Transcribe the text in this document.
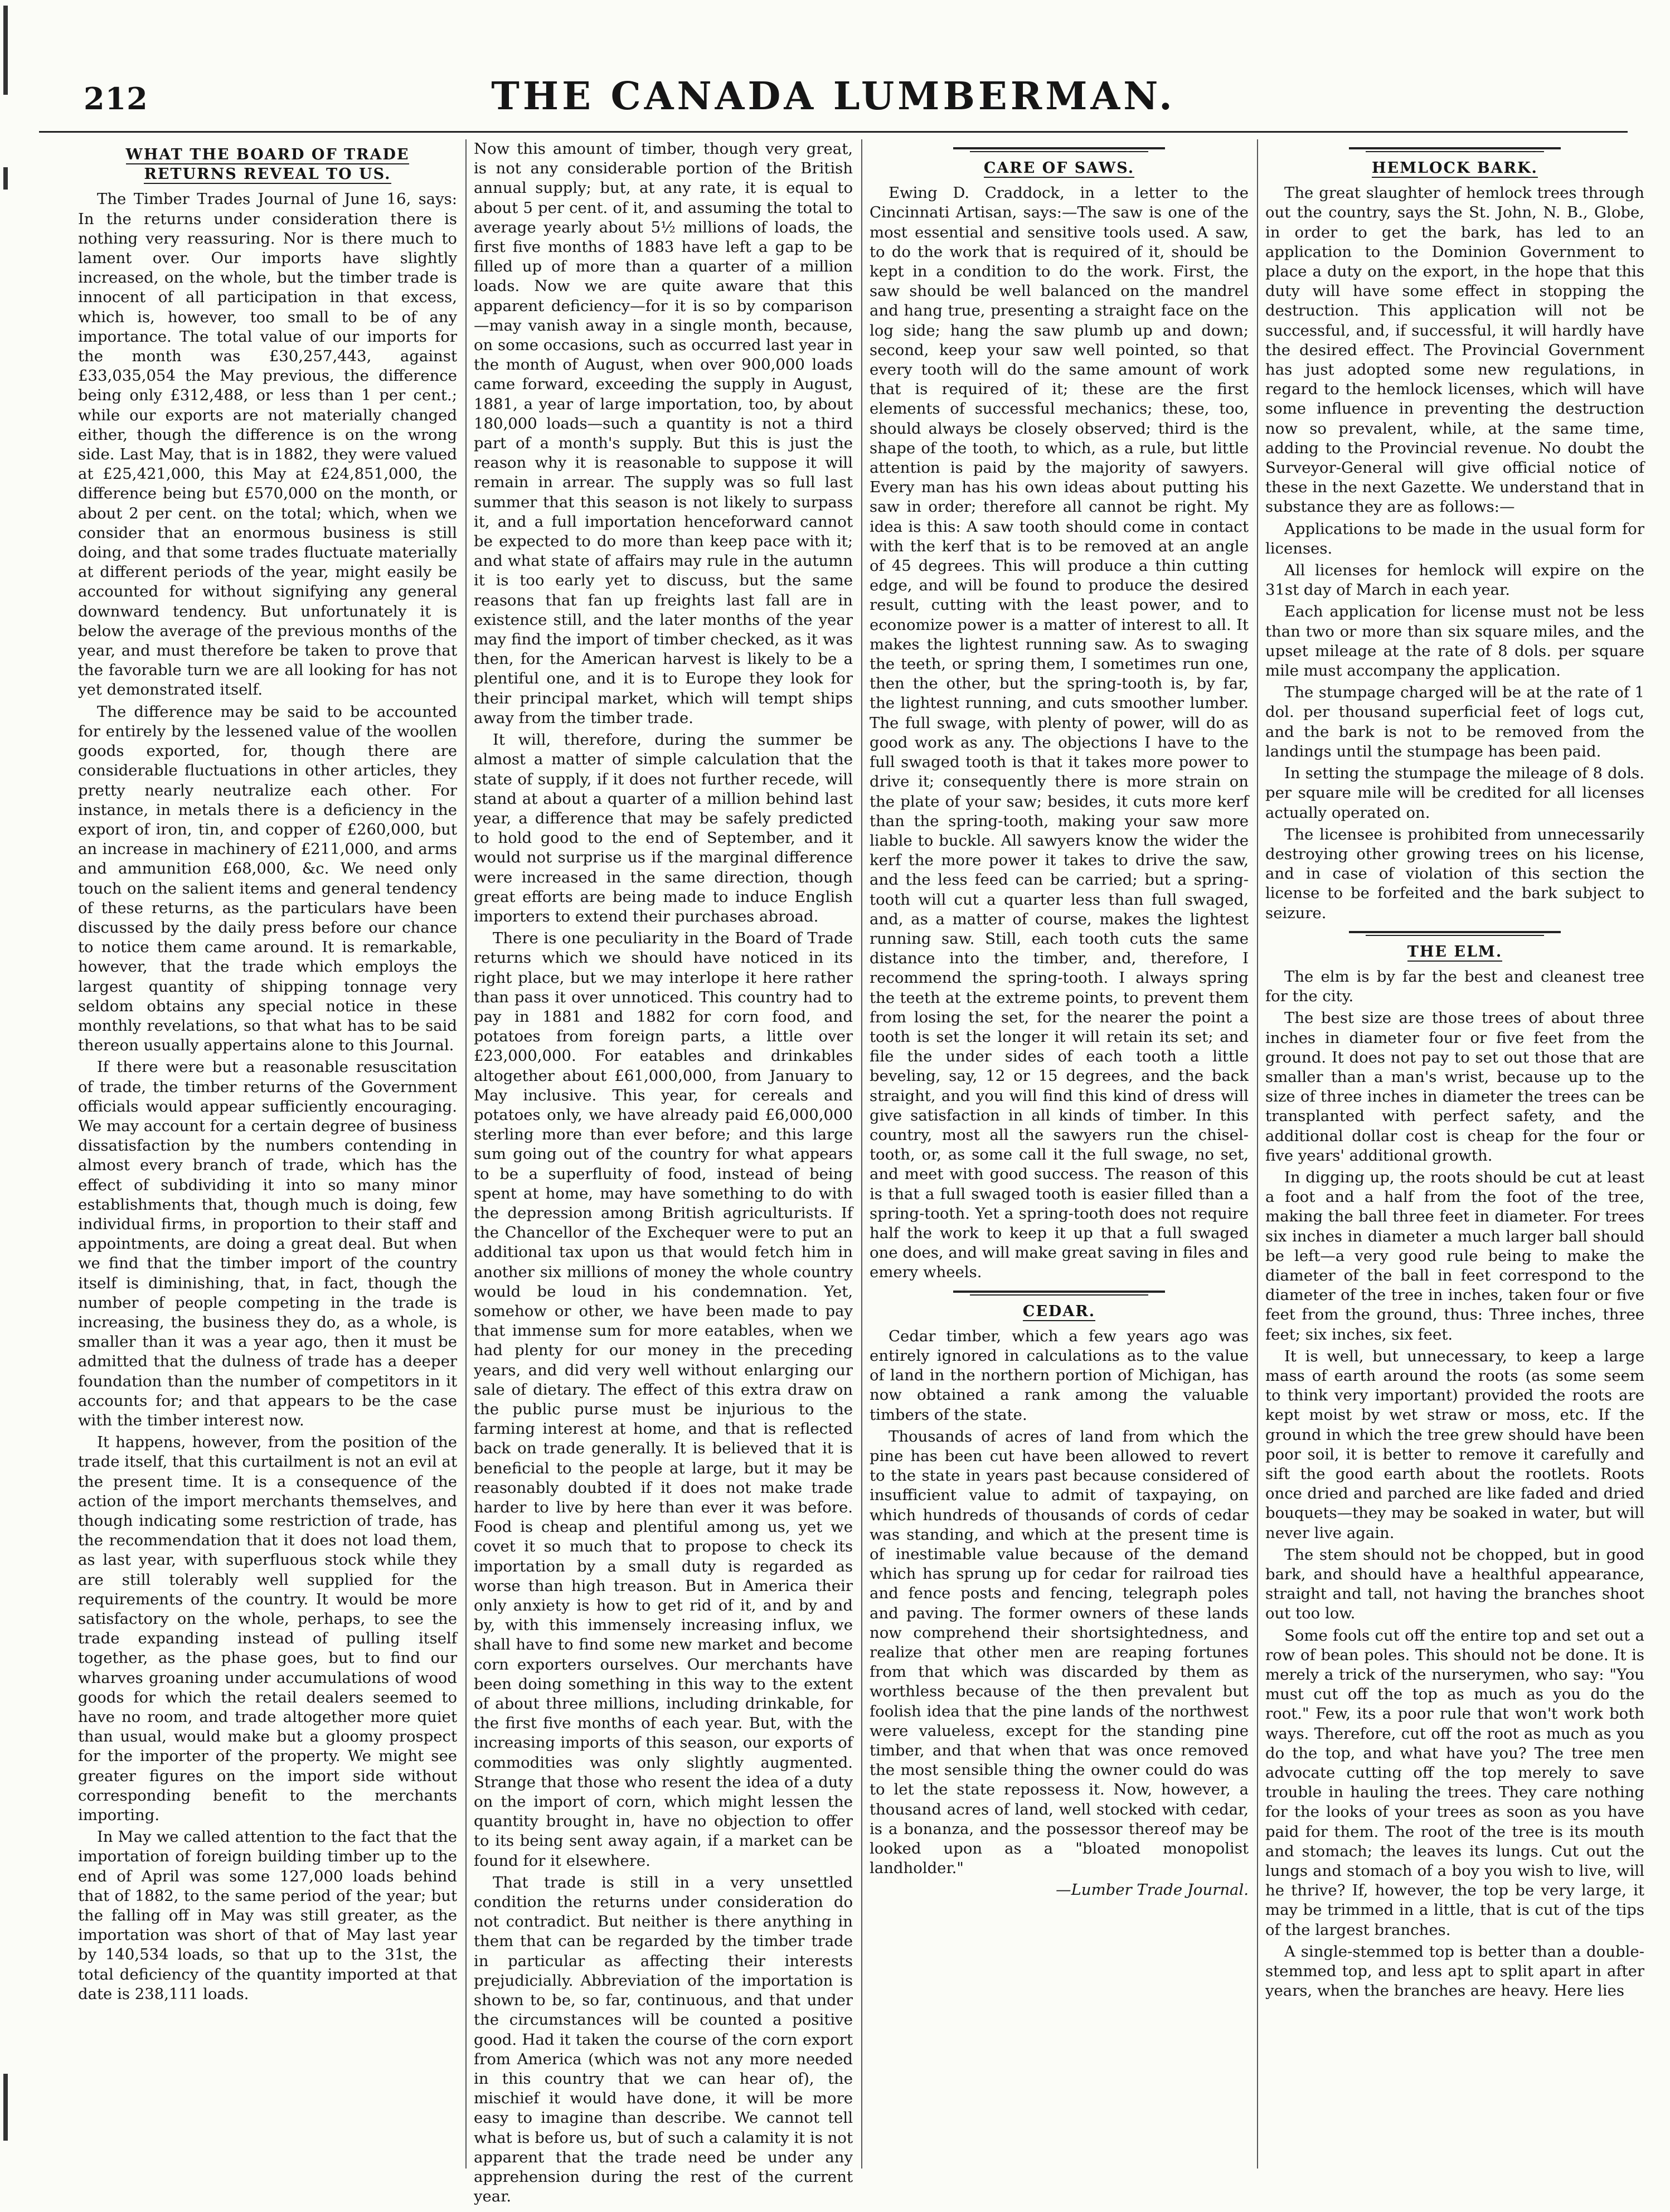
212	THE CANADA LUMBERMAN.
WHAT THE BOARD OF TRADE RETURNS REVEAL TO US.

The Timber Trades Journal of June 16, says: In the returns under consideration there is nothing very reassuring. Nor is there much to lament over. Our imports have slightly increased, on the whole, but the timber trade is innocent of all participation in that excess, which is, however, too small to be of any importance. The total value of our imports for the month was £30,257,443, against £33,035,054 the May previous, the difference being only £312,488, or less than 1 per cent.; while our exports are not materially changed either, though the difference is on the wrong side. Last May, that is in 1882, they were valued at £25,421,000, this May at £24,851,000, the difference being but £570,000 on the month, or about 2 per cent. on the total; which, when we consider that an enormous business is still doing, and that some trades fluctuate materially at different periods of the year, might easily be accounted for without signifying any general downward tendency. But unfortunately it is below the average of the previous months of the year, and must therefore be taken to prove that the favorable turn we are all looking for has not yet demonstrated itself.

The difference may be said to be accounted for entirely by the lessened value of the woollen goods exported, for, though there are considerable fluctuations in other articles, they pretty nearly neutralize each other. For instance, in metals there is a deficiency in the export of iron, tin, and copper of £260,000, but an increase in machinery of £211,000, and arms and ammunition £68,000, &c. We need only touch on the salient items and general tendency of these returns, as the particulars have been discussed by the daily press before our chance to notice them came around. It is remarkable, however, that the trade which employs the largest quantity of shipping tonnage very seldom obtains any special notice in these monthly revelations, so that what has to be said thereon usually appertains alone to this Journal.

If there were but a reasonable resuscitation of trade, the timber returns of the Government officials would appear sufficiently encouraging. We may account for a certain degree of business dissatisfaction by the numbers contending in almost every branch of trade, which has the effect of subdividing it into so many minor establishments that, though much is doing, few individual firms, in proportion to their staff and appointments, are doing a great deal. But when we find that the timber import of the country itself is diminishing, that, in fact, though the number of people competing in the trade is increasing, the business they do, as a whole, is smaller than it was a year ago, then it must be admitted that the dulness of trade has a deeper foundation than the number of competitors in it accounts for; and that appears to be the case with the timber interest now.

It happens, however, from the position of the trade itself, that this curtailment is not an evil at the present time. It is a consequence of the action of the import merchants themselves, and though indicating some restriction of trade, has the recommendation that it does not load them, as last year, with superfluous stock while they are still tolerably well supplied for the requirements of the country. It would be more satisfactory on the whole, perhaps, to see the trade expanding instead of pulling itself together, as the phase goes, but to find our wharves groaning under accumulations of wood goods for which the retail dealers seemed to have no room, and trade altogether more quiet than usual, would make but a gloomy prospect for the importer of the property. We might see greater figures on the import side without corresponding benefit to the merchants importing.

In May we called attention to the fact that the importation of foreign building timber up to the end of April was some 127,000 loads behind that of 1882, to the same period of the year; but the falling off in May was still greater, as the importation was short of that of May last year by 140,534 loads, so that up to the 31st, the total deficiency of the quantity imported at that date is 238,111 loads.

Now this amount of timber, though very great, is not any considerable portion of the British annual supply; but, at any rate, it is equal to about 5 per cent. of it, and assuming the total to average yearly about 5½ millions of loads, the first five months of 1883 have left a gap to be filled up of more than a quarter of a million loads. Now we are quite aware that this apparent deficiency—for it is so by comparison—may vanish away in a single month, because, on some occasions, such as occurred last year in the month of August, when over 900,000 loads came forward, exceeding the supply in August, 1881, a year of large importation, too, by about 180,000 loads—such a quantity is not a third part of a month's supply. But this is just the reason why it is reasonable to suppose it will remain in arrear. The supply was so full last summer that this season is not likely to surpass it, and a full importation henceforward cannot be expected to do more than keep pace with it; and what state of affairs may rule in the autumn it is too early yet to discuss, but the same reasons that fan up freights last fall are in existence still, and the later months of the year may find the import of timber checked, as it was then, for the American harvest is likely to be a plentiful one, and it is to Europe they look for their principal market, which will tempt ships away from the timber trade.

It will, therefore, during the summer be almost a matter of simple calculation that the state of supply, if it does not further recede, will stand at about a quarter of a million behind last year, a difference that may be safely predicted to hold good to the end of September, and it would not surprise us if the marginal difference were increased in the same direction, though great efforts are being made to induce English importers to extend their purchases abroad.

There is one peculiarity in the Board of Trade returns which we should have noticed in its right place, but we may interlope it here rather than pass it over unnoticed. This country had to pay in 1881 and 1882 for corn food, and potatoes from foreign parts, a little over £23,000,000. For eatables and drinkables altogether about £61,000,000, from January to May inclusive. This year, for cereals and potatoes only, we have already paid £6,000,000 sterling more than ever before; and this large sum going out of the country for what appears to be a superfluity of food, instead of being spent at home, may have something to do with the depression among British agriculturists. If the Chancellor of the Exchequer were to put an additional tax upon us that would fetch him in another six millions of money the whole country would be loud in his condemnation. Yet, somehow or other, we have been made to pay that immense sum for more eatables, when we had plenty for our money in the preceding years, and did very well without enlarging our sale of dietary. The effect of this extra draw on the public purse must be injurious to the farming interest at home, and that is reflected back on trade generally. It is believed that it is beneficial to the people at large, but it may be reasonably doubted if it does not make trade harder to live by here than ever it was before. Food is cheap and plentiful among us, yet we covet it so much that to propose to check its importation by a small duty is regarded as worse than high treason. But in America their only anxiety is how to get rid of it, and by and by, with this immensely increasing influx, we shall have to find some new market and become corn exporters ourselves. Our merchants have been doing something in this way to the extent of about three millions, including drinkable, for the first five months of each year. But, with the increasing imports of this season, our exports of commodities was only slightly augmented. Strange that those who resent the idea of a duty on the import of corn, which might lessen the quantity brought in, have no objection to offer to its being sent away again, if a market can be found for it elsewhere.

That trade is still in a very unsettled condition the returns under consideration do not contradict. But neither is there anything in them that can be regarded by the timber trade in particular as affecting their interests prejudicially. Abbreviation of the importation is shown to be, so far, continuous, and that under the circumstances will be counted a positive good. Had it taken the course of the corn export from America (which was not any more needed in this country that we can hear of), the mischief it would have done, it will be more easy to imagine than describe. We cannot tell what is before us, but of such a calamity it is not apparent that the trade need be under any apprehension during the rest of the current year.

CARE OF SAWS.

Ewing D. Craddock, in a letter to the Cincinnati Artisan, says:—The saw is one of the most essential and sensitive tools used. A saw, to do the work that is required of it, should be kept in a condition to do the work. First, the saw should be well balanced on the mandrel and hang true, presenting a straight face on the log side; hang the saw plumb up and down; second, keep your saw well pointed, so that every tooth will do the same amount of work that is required of it; these are the first elements of successful mechanics; these, too, should always be closely observed; third is the shape of the tooth, to which, as a rule, but little attention is paid by the majority of sawyers. Every man has his own ideas about putting his saw in order; therefore all cannot be right. My idea is this: A saw tooth should come in contact with the kerf that is to be removed at an angle of 45 degrees. This will produce a thin cutting edge, and will be found to produce the desired result, cutting with the least power, and to economize power is a matter of interest to all. It makes the lightest running saw. As to swaging the teeth, or spring them, I sometimes run one, then the other, but the spring-tooth is, by far, the lightest running, and cuts smoother lumber. The full swage, with plenty of power, will do as good work as any. The objections I have to the full swaged tooth is that it takes more power to drive it; consequently there is more strain on the plate of your saw; besides, it cuts more kerf than the spring-tooth, making your saw more liable to buckle. All sawyers know the wider the kerf the more power it takes to drive the saw, and the less feed can be carried; but a spring-tooth will cut a quarter less than full swaged, and, as a matter of course, makes the lightest running saw. Still, each tooth cuts the same distance into the timber, and, therefore, I recommend the spring-tooth. I always spring the teeth at the extreme points, to prevent them from losing the set, for the nearer the point a tooth is set the longer it will retain its set; and file the under sides of each tooth a little beveling, say, 12 or 15 degrees, and the back straight, and you will find this kind of dress will give satisfaction in all kinds of timber. In this country, most all the sawyers run the chisel-tooth, or, as some call it the full swage, no set, and meet with good success. The reason of this is that a full swaged tooth is easier filled than a spring-tooth. Yet a spring-tooth does not require half the work to keep it up that a full swaged one does, and will make great saving in files and emery wheels.

CEDAR.

Cedar timber, which a few years ago was entirely ignored in calculations as to the value of land in the northern portion of Michigan, has now obtained a rank among the valuable timbers of the state.

Thousands of acres of land from which the pine has been cut have been allowed to revert to the state in years past because considered of insufficient value to admit of taxpaying, on which hundreds of thousands of cords of cedar was standing, and which at the present time is of inestimable value because of the demand which has sprung up for cedar for railroad ties and fence posts and fencing, telegraph poles and paving. The former owners of these lands now comprehend their shortsightedness, and realize that other men are reaping fortunes from that which was discarded by them as worthless because of the then prevalent but foolish idea that the pine lands of the northwest were valueless, except for the standing pine timber, and that when that was once removed the most sensible thing the owner could do was to let the state repossess it. Now, however, a thousand acres of land, well stocked with cedar, is a bonanza, and the possessor thereof may be looked upon as a "bloated monopolist landholder."

—Lumber Trade Journal.

HEMLOCK BARK.

The great slaughter of hemlock trees through out the country, says the St. John, N. B., Globe, in order to get the bark, has led to an application to the Dominion Government to place a duty on the export, in the hope that this duty will have some effect in stopping the destruction. This application will not be successful, and, if successful, it will hardly have the desired effect. The Provincial Government has just adopted some new regulations, in regard to the hemlock licenses, which will have some influence in preventing the destruction now so prevalent, while, at the same time, adding to the Provincial revenue. No doubt the Surveyor-General will give official notice of these in the next Gazette. We understand that in substance they are as follows:—

Applications to be made in the usual form for licenses.

All licenses for hemlock will expire on the 31st day of March in each year.

Each application for license must not be less than two or more than six square miles, and the upset mileage at the rate of 8 dols. per square mile must accompany the application.

The stumpage charged will be at the rate of 1 dol. per thousand superficial feet of logs cut, and the bark is not to be removed from the landings until the stumpage has been paid.

In setting the stumpage the mileage of 8 dols. per square mile will be credited for all licenses actually operated on.

The licensee is prohibited from unnecessarily destroying other growing trees on his license, and in case of violation of this section the license to be forfeited and the bark subject to seizure.

THE ELM.

The elm is by far the best and cleanest tree for the city.

The best size are those trees of about three inches in diameter four or five feet from the ground. It does not pay to set out those that are smaller than a man's wrist, because up to the size of three inches in diameter the trees can be transplanted with perfect safety, and the additional dollar cost is cheap for the four or five years' additional growth.

In digging up, the roots should be cut at least a foot and a half from the foot of the tree, making the ball three feet in diameter. For trees six inches in diameter a much larger ball should be left—a very good rule being to make the diameter of the ball in feet correspond to the diameter of the tree in inches, taken four or five feet from the ground, thus: Three inches, three feet; six inches, six feet.

It is well, but unnecessary, to keep a large mass of earth around the roots (as some seem to think very important) provided the roots are kept moist by wet straw or moss, etc. If the ground in which the tree grew should have been poor soil, it is better to remove it carefully and sift the good earth about the rootlets. Roots once dried and parched are like faded and dried bouquets—they may be soaked in water, but will never live again.

The stem should not be chopped, but in good bark, and should have a healthful appearance, straight and tall, not having the branches shoot out too low.

Some fools cut off the entire top and set out a row of bean poles. This should not be done. It is merely a trick of the nurserymen, who say: "You must cut off the top as much as you do the root." Few, its a poor rule that won't work both ways. Therefore, cut off the root as much as you do the top, and what have you? The tree men advocate cutting off the top merely to save trouble in hauling the trees. They care nothing for the looks of your trees as soon as you have paid for them. The root of the tree is its mouth and stomach; the leaves its lungs. Cut out the lungs and stomach of a boy you wish to live, will he thrive? If, however, the top be very large, it may be trimmed in a little, that is cut of the tips of the largest branches.

A single-stemmed top is better than a double-stemmed top, and less apt to split apart in after years, when the branches are heavy. Here lies
